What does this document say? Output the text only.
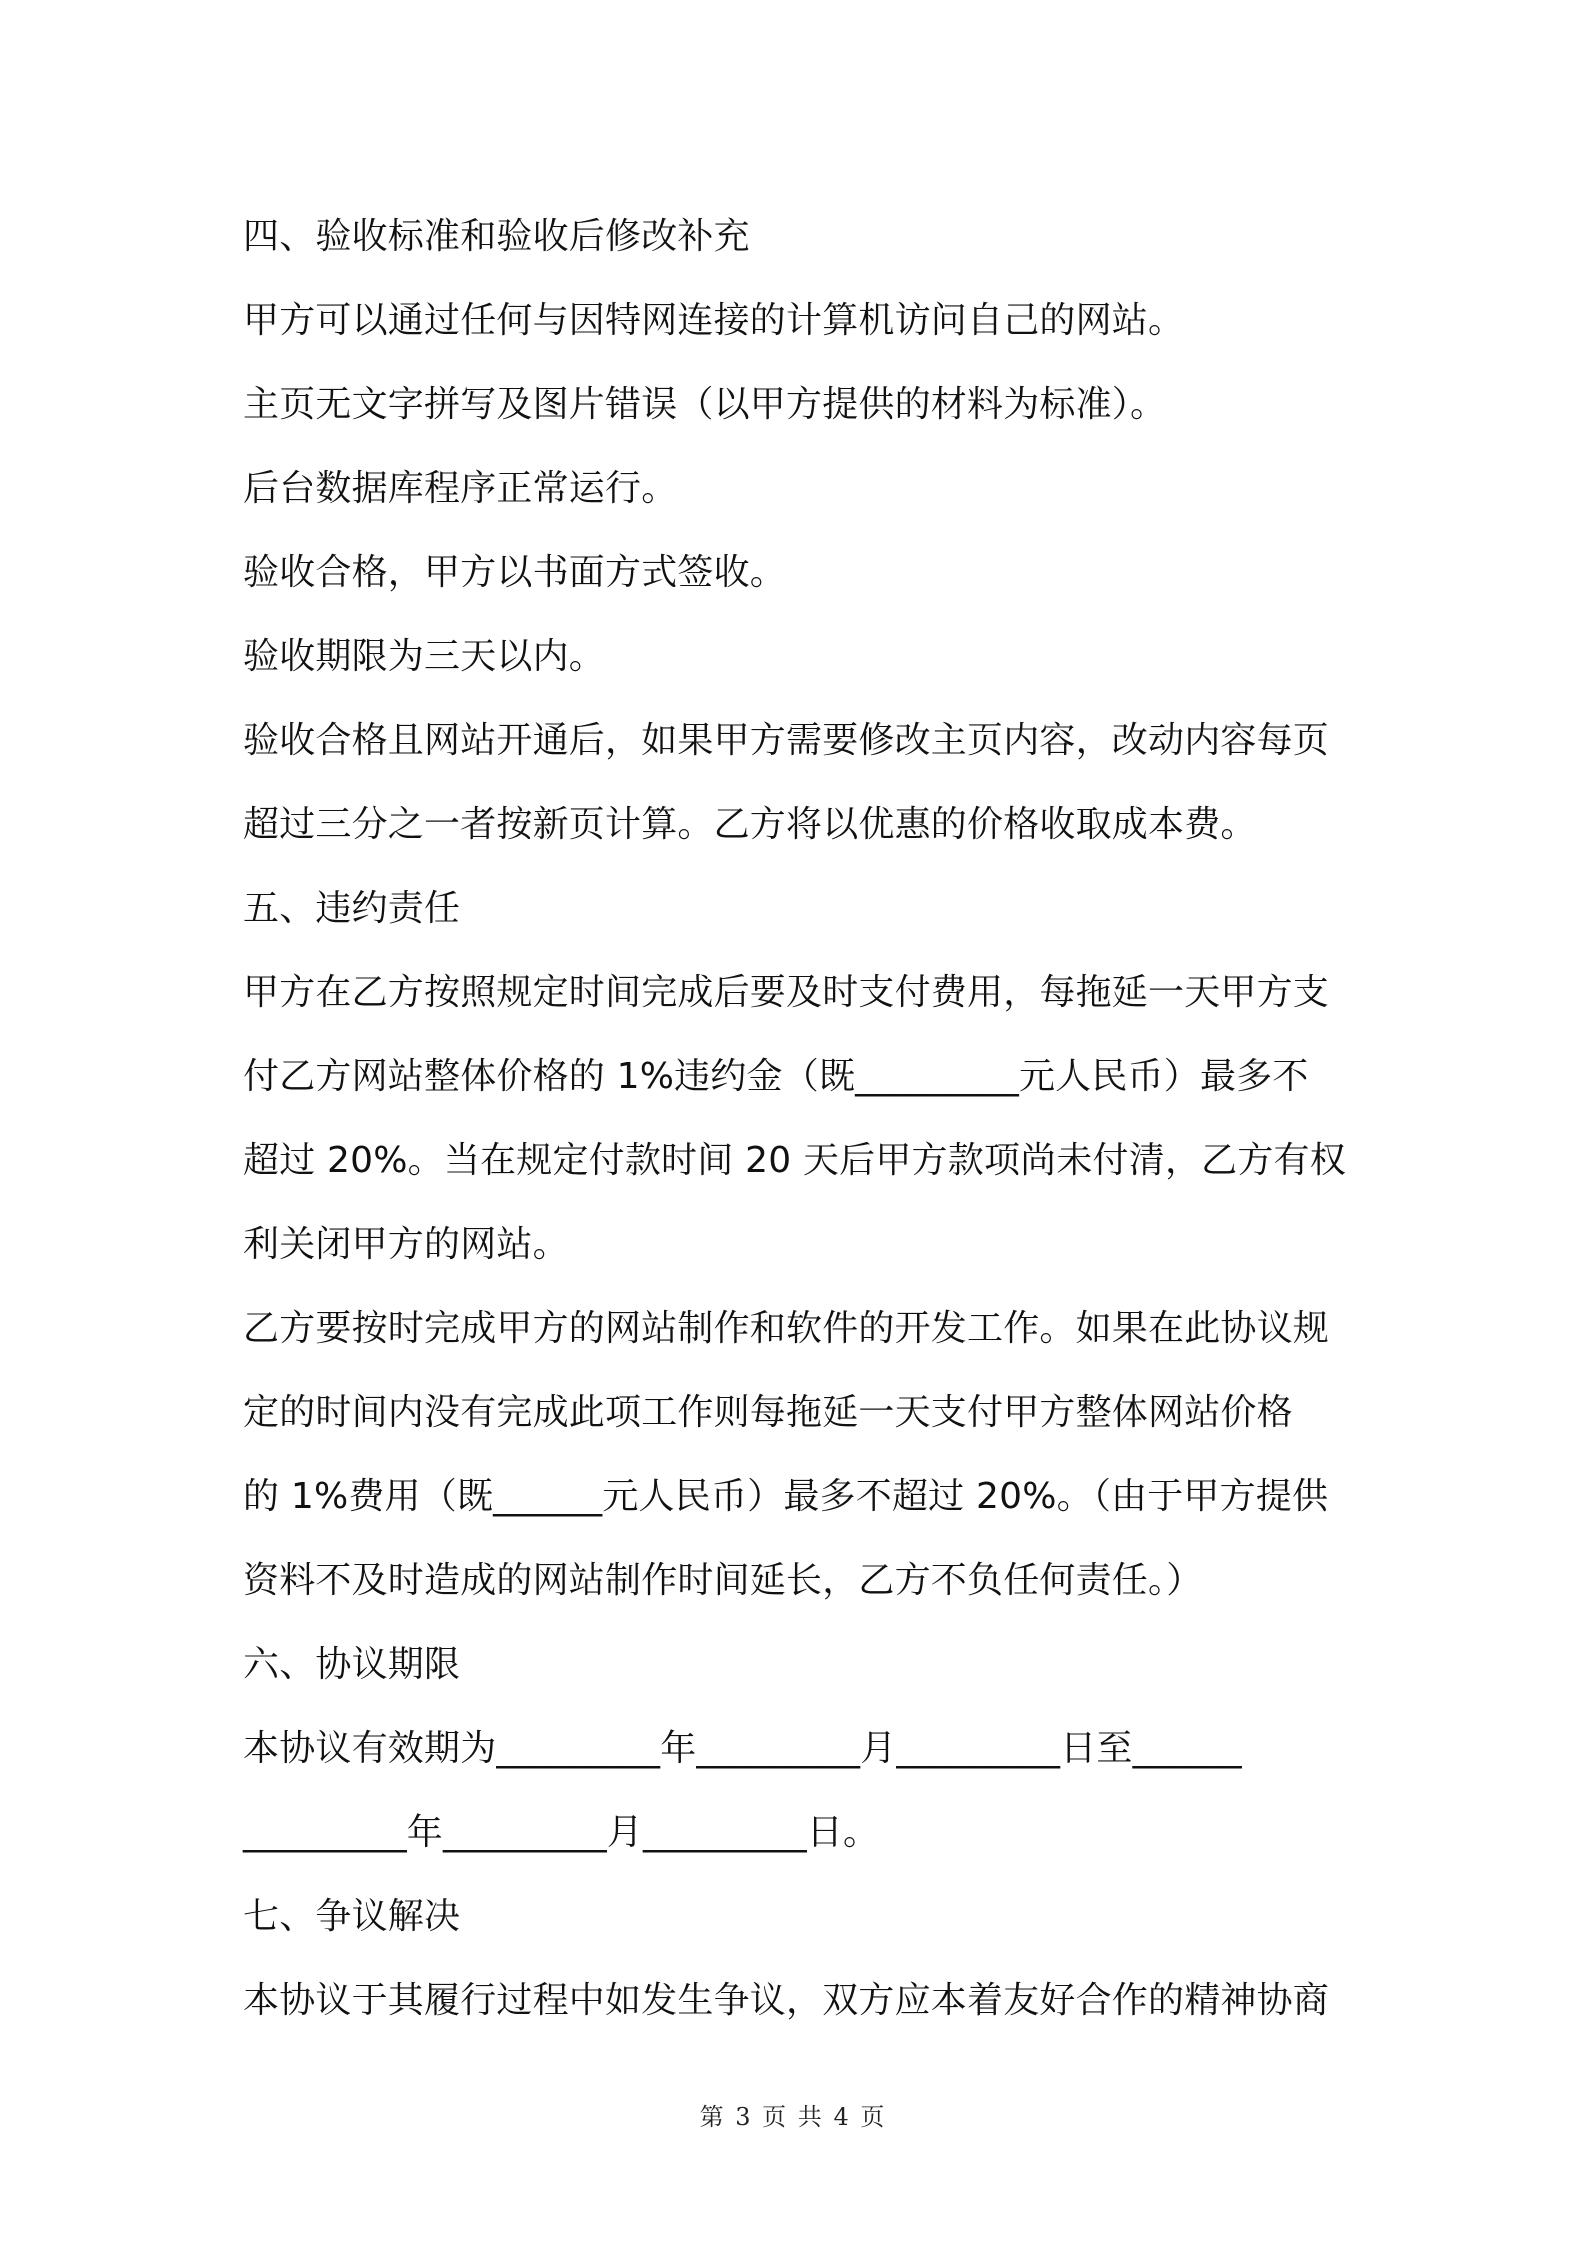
四、验收标准和验收后修改补充
甲方可以通过任何与因特网连接的计算机访问自己的网站。
主页无文字拼写及图片错误（以甲方提供的材料为标准）。
后台数据库程序正常运行。
验收合格，甲方以书面方式签收。
验收期限为三天以内。
验收合格且网站开通后，如果甲方需要修改主页内容，改动内容每页
超过三分之一者按新页计算。乙方将以优惠的价格收取成本费。
五、违约责任
甲方在乙方按照规定时间完成后要及时支付费用，每拖延一天甲方支
付乙方网站整体价格的 1%违约金（既_________元人民币）最多不
超过 20%。当在规定付款时间 20 天后甲方款项尚未付清，乙方有权
利关闭甲方的网站。
乙方要按时完成甲方的网站制作和软件的开发工作。如果在此协议规
定的时间内没有完成此项工作则每拖延一天支付甲方整体网站价格
的 1%费用（既______元人民币）最多不超过 20%。（由于甲方提供
资料不及时造成的网站制作时间延长，乙方不负任何责任。）
六、协议期限
本协议有效期为_________年_________月_________日至______
_________年_________月_________日。
七、争议解决
本协议于其履行过程中如发生争议，双方应本着友好合作的精神协商
第 3 页 共 4 页
